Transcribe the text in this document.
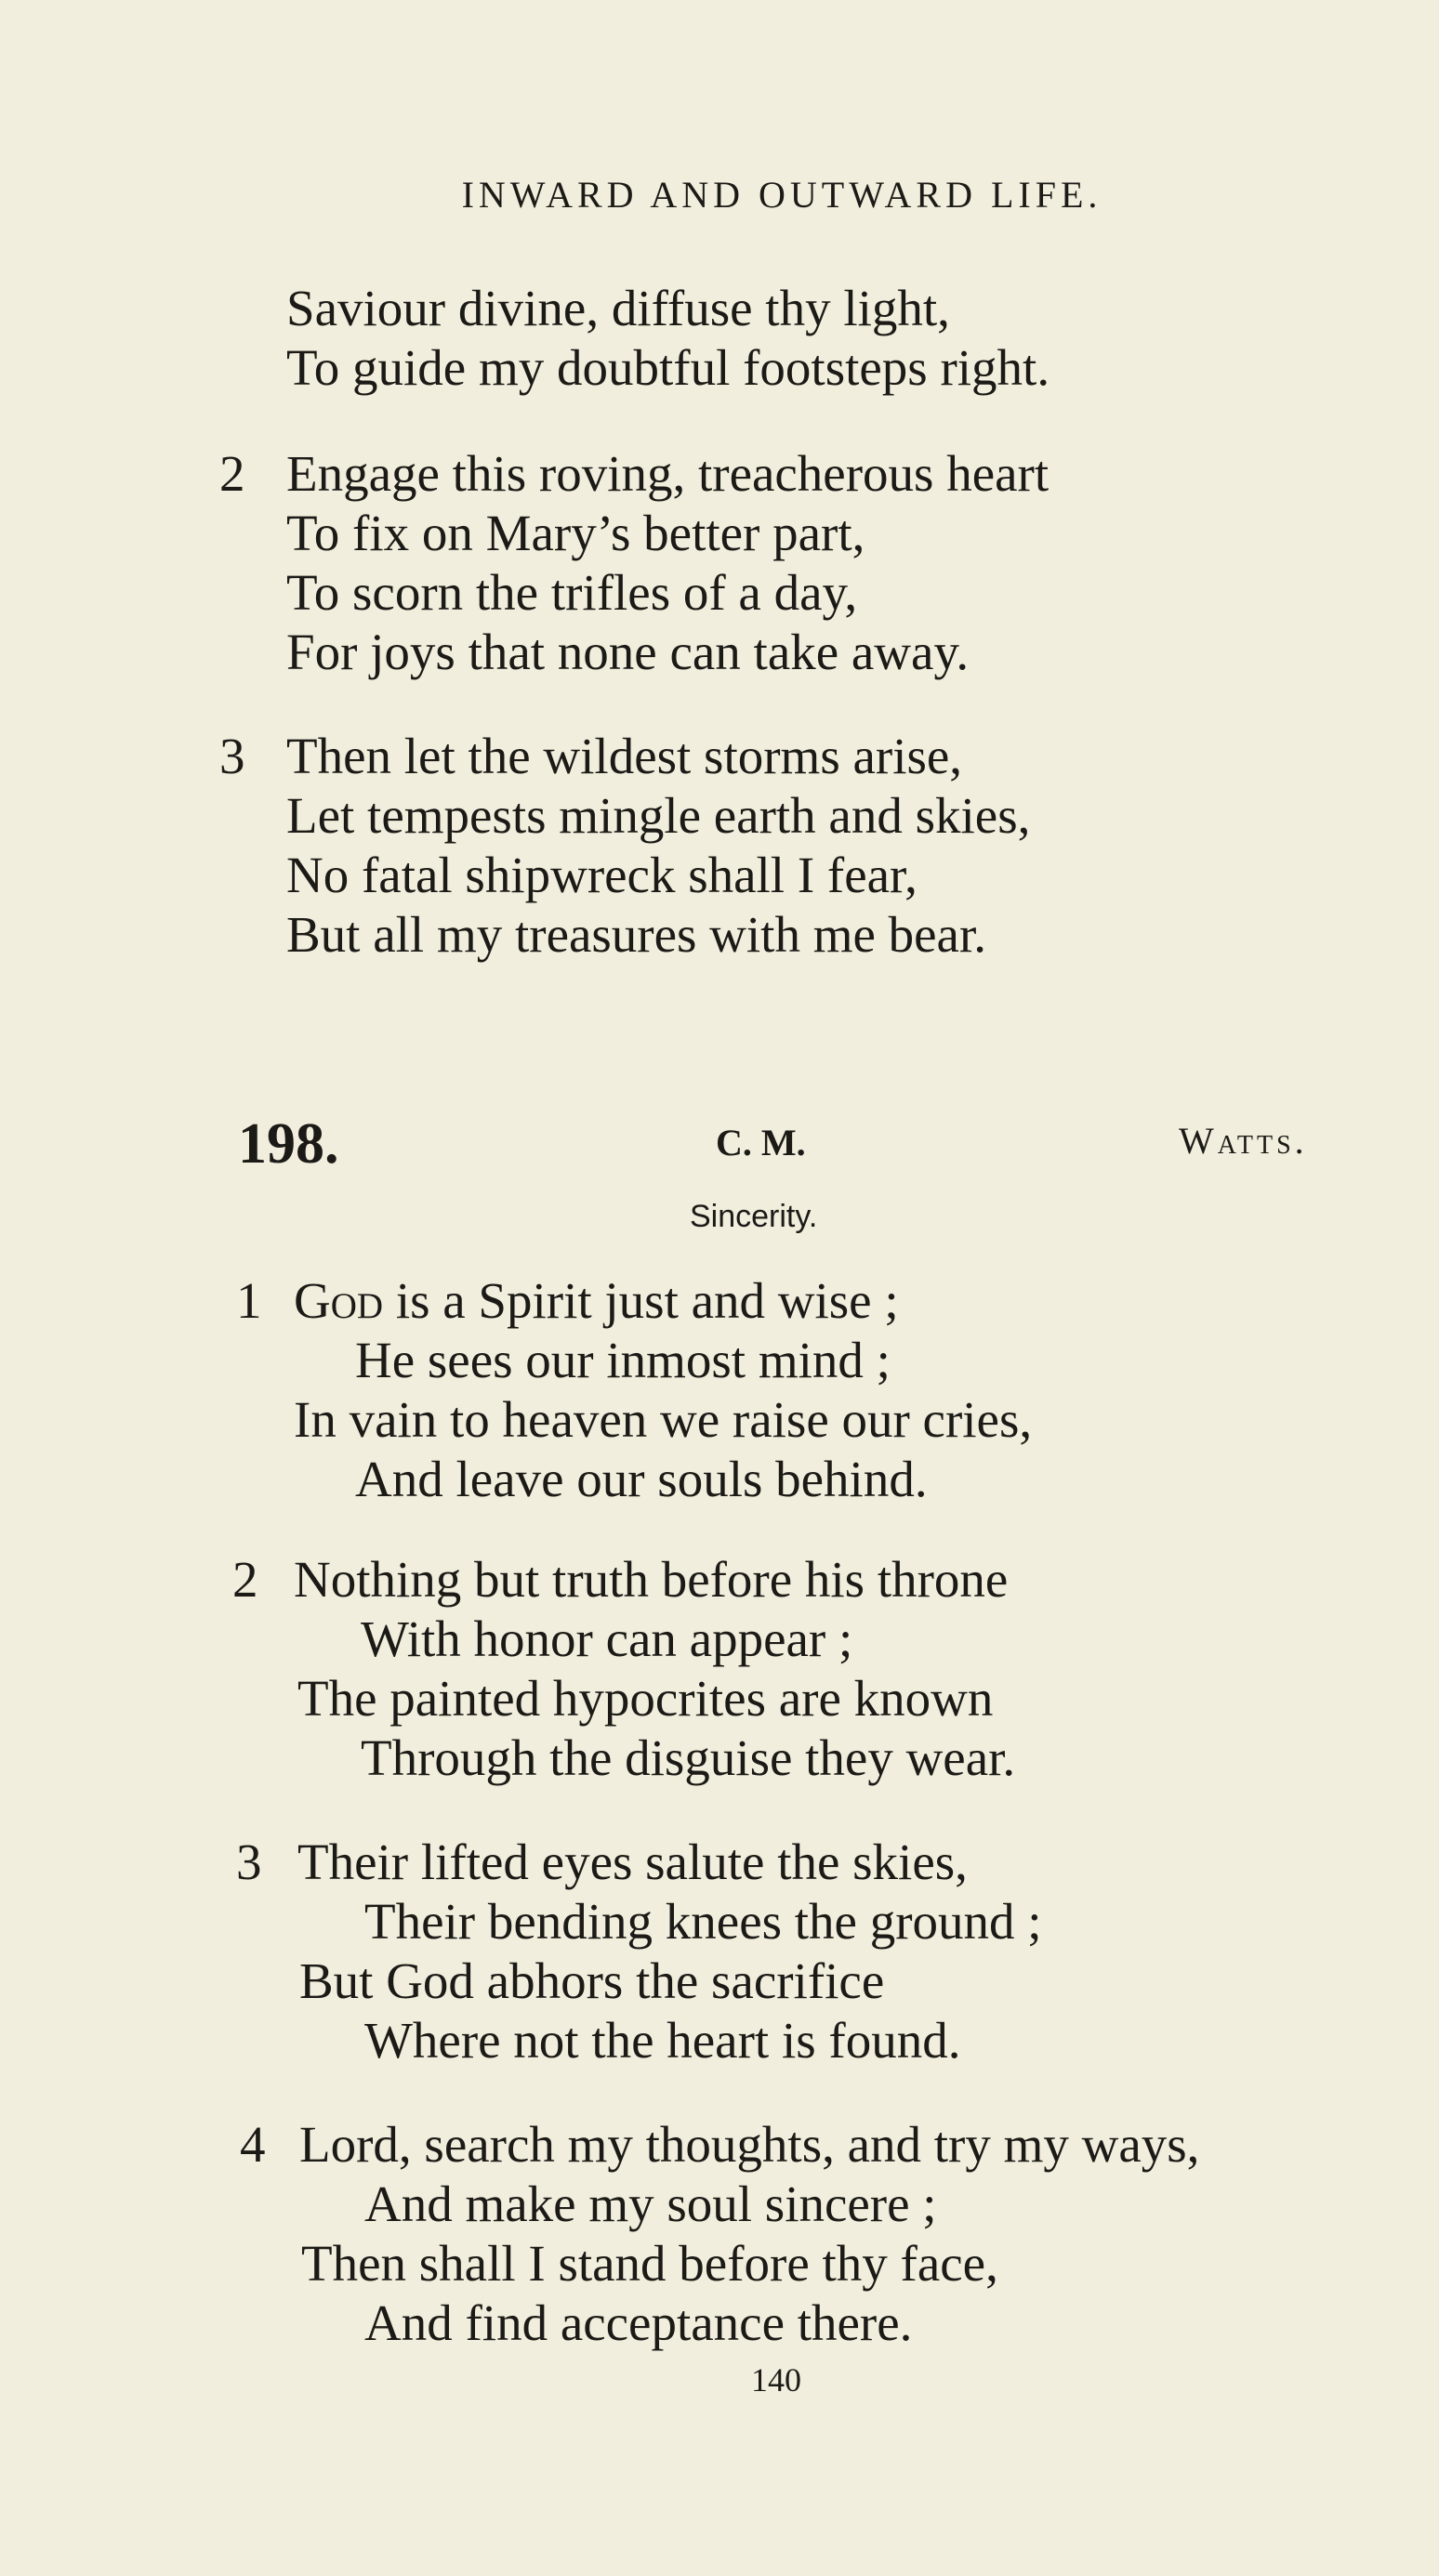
INWARD AND OUTWARD LIFE.
Saviour divine, diffuse thy light,
To guide my doubtful footsteps right.
2 Engage this roving, treacherous heart
To fix on Mary’s better part,
To scorn the trifles of a day,
For joys that none can take away.
3 Then let the wildest storms arise,
Let tempests mingle earth and skies,
No fatal shipwreck shall I fear,
But all my treasures with me bear.
198.	C. M.	Watts.
Sincerity.
1 God is a Spirit just and wise ;
He sees our inmost mind ;
In vain to heaven we raise our cries,
And leave our souls behind.
2 Nothing but truth before his throne
With honor can appear ;
The painted hypocrites are known
Through the disguise they wear.
3 Their lifted eyes salute the skies,
Their bending knees the ground ;
But God abhors the sacrifice
Where not the heart is found.
4 Lord, search my thoughts, and try my ways,
And make my soul sincere ;
Then shall I stand before thy face,
And find acceptance there.
140
